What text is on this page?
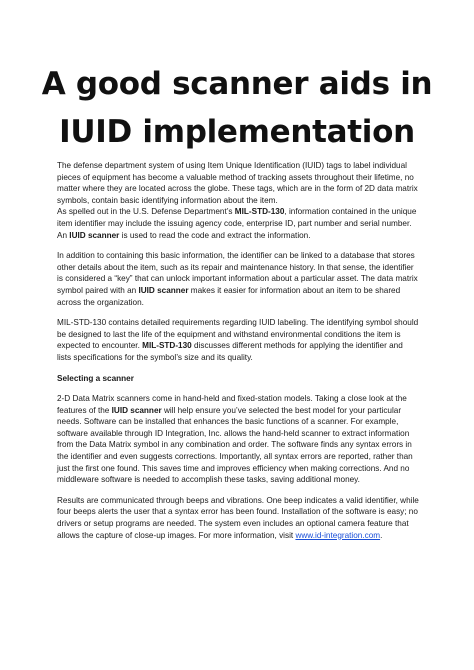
A good scanner aids in
IUID implementation

The defense department system of using Item Unique Identification (IUID) tags to label individual pieces of equipment has become a valuable method of tracking assets throughout their lifetime, no matter where they are located across the globe. These tags, which are in the form of 2D data matrix symbols, contain basic identifying information about the item.

As spelled out in the U.S. Defense Department’s MIL-STD-130, information contained in the unique item identifier may include the issuing agency code, enterprise ID, part number and serial number. An IUID scanner is used to read the code and extract the information.

In addition to containing this basic information, the identifier can be linked to a database that stores other details about the item, such as its repair and maintenance history. In that sense, the identifier is considered a “key” that can unlock important information about a particular asset. The data matrix symbol paired with an IUID scanner makes it easier for information about an item to be shared across the organization.

MIL-STD-130 contains detailed requirements regarding IUID labeling. The identifying symbol should be designed to last the life of the equipment and withstand environmental conditions the item is expected to encounter. MIL-STD-130 discusses different methods for applying the identifier and lists specifications for the symbol’s size and its quality.

Selecting a scanner

2-D Data Matrix scanners come in hand-held and fixed-station models. Taking a close look at the features of the IUID scanner will help ensure you’ve selected the best model for your particular needs. Software can be installed that enhances the basic functions of a scanner. For example, software available through ID Integration, Inc. allows the hand-held scanner to extract information from the Data Matrix symbol in any combination and order. The software finds any syntax errors in the identifier and even suggests corrections. Importantly, all syntax errors are reported, rather than just the first one found. This saves time and improves efficiency when making corrections. And no middleware software is needed to accomplish these tasks, saving additional money.

Results are communicated through beeps and vibrations. One beep indicates a valid identifier, while four beeps alerts the user that a syntax error has been found. Installation of the software is easy; no drivers or setup programs are needed. The system even includes an optional camera feature that allows the capture of close-up images. For more information, visit www.id-integration.com.
